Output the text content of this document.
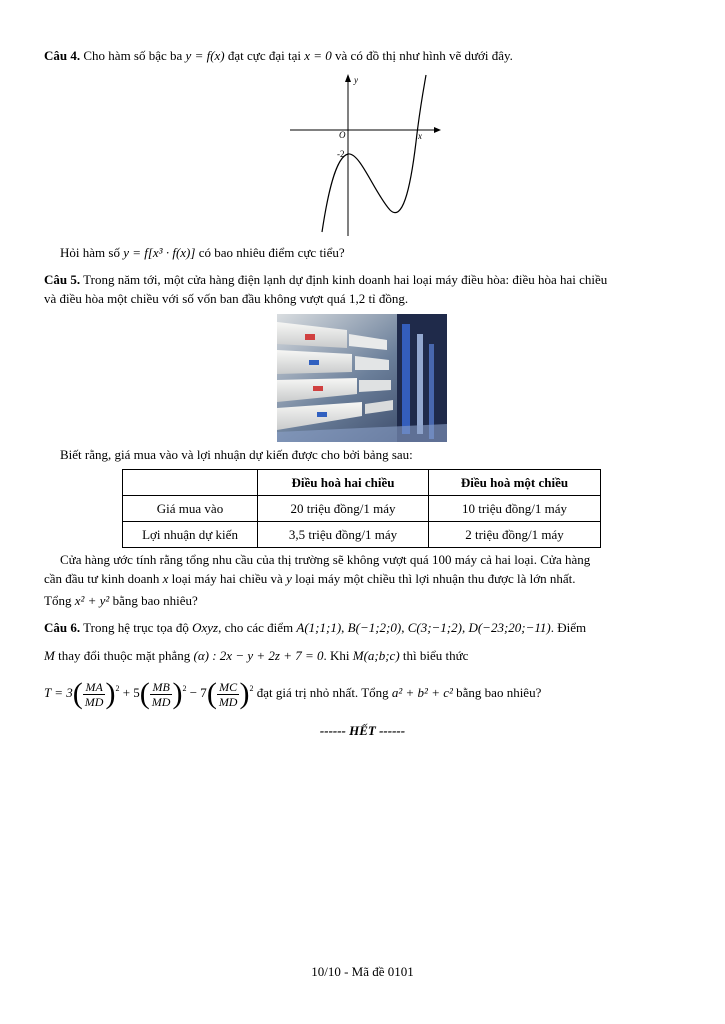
Câu 4. Cho hàm số bậc ba y = f(x) đạt cực đại tại x = 0 và có đồ thị như hình vẽ dưới đây.
y
x
O
-2
Hỏi hàm số y = f[x³ · f(x)] có bao nhiêu điểm cực tiểu?
Câu 5. Trong năm tới, một cửa hàng điện lạnh dự định kinh doanh hai loại máy điều hòa: điều hòa hai chiều
và điều hòa một chiều với số vốn ban đầu không vượt quá 1,2 tỉ đồng.
Biết rằng, giá mua vào và lợi nhuận dự kiến được cho bởi bảng sau:
	Điều hoà hai chiều	Điều hoà một chiều
Giá mua vào	20 triệu đồng/1 máy	10 triệu đồng/1 máy
Lợi nhuận dự kiến	3,5 triệu đồng/1 máy	2 triệu đồng/1 máy
Cửa hàng ước tính rằng tổng nhu cầu của thị trường sẽ không vượt quá 100 máy cả hai loại. Cửa hàng
cần đầu tư kinh doanh x loại máy hai chiều và y loại máy một chiều thì lợi nhuận thu được là lớn nhất.
Tổng x² + y² bằng bao nhiêu?
Câu 6. Trong hệ trục tọa độ Oxyz, cho các điểm A(1;1;1), B(−1;2;0), C(3;−1;2), D(−23;20;−11). Điểm
M thay đổi thuộc mặt phẳng (α) : 2x − y + 2z + 7 = 0. Khi M(a;b;c) thì biểu thức
$T = 3( \frac{MA}{MD} )^2 + 5( \frac{MB}{MD} )^2 - 7( \frac{MC}{MD} )^2$ đạt giá trị nhỏ nhất. Tổng a² + b² + c² bằng bao nhiêu?
------ HẾT ------
10/10 - Mã đề 0101
